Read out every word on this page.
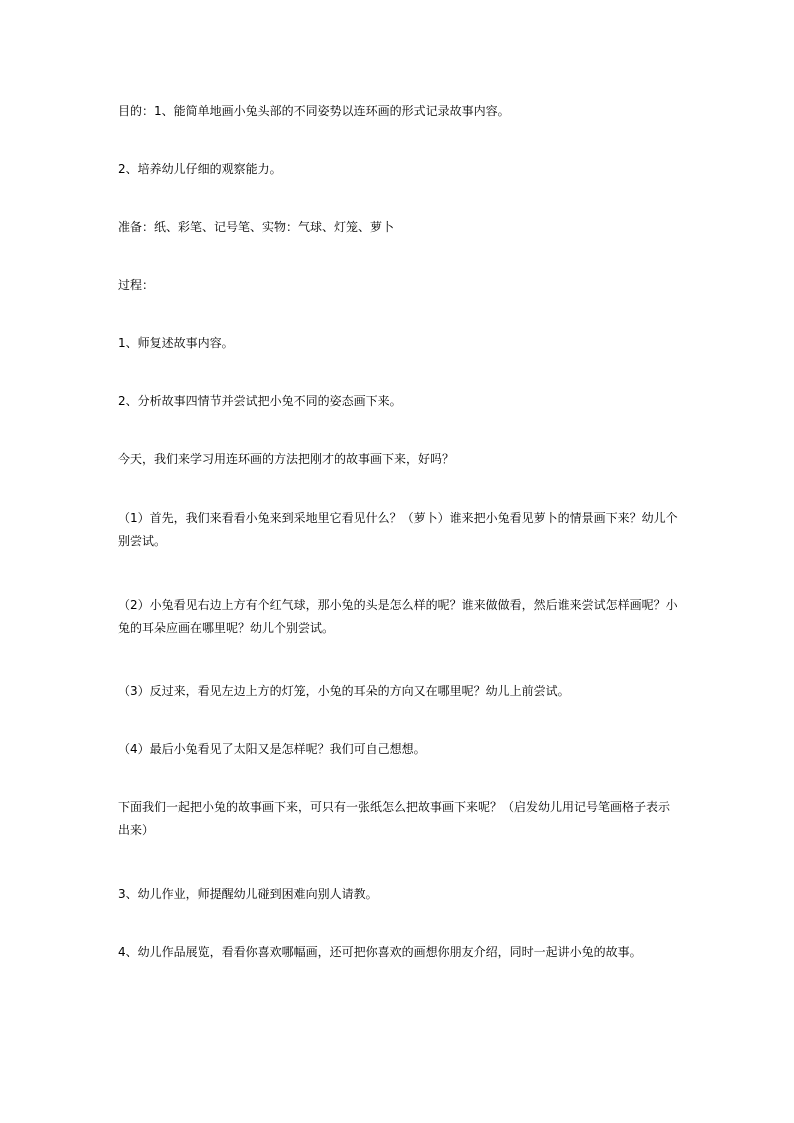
目的：1、能简单地画小兔头部的不同姿势以连环画的形式记录故事内容。

2、培养幼儿仔细的观察能力。

准备：纸、彩笔、记号笔、实物：气球、灯笼、萝卜

过程：

1、师复述故事内容。

2、分析故事四情节并尝试把小兔不同的姿态画下来。

今天，我们来学习用连环画的方法把刚才的故事画下来，好吗？

（1）首先，我们来看看小兔来到采地里它看见什么？（萝卜）谁来把小兔看见萝卜的情景画下来？幼儿个别尝试。

（2）小兔看见右边上方有个红气球，那小兔的头是怎么样的呢？谁来做做看，然后谁来尝试怎样画呢？小兔的耳朵应画在哪里呢？幼儿个别尝试。

（3）反过来，看见左边上方的灯笼，小兔的耳朵的方向又在哪里呢？幼儿上前尝试。

（4）最后小兔看见了太阳又是怎样呢？我们可自己想想。

下面我们一起把小兔的故事画下来，可只有一张纸怎么把故事画下来呢？（启发幼儿用记号笔画格子表示出来）

3、幼儿作业，师提醒幼儿碰到困难向别人请教。

4、幼儿作品展览，看看你喜欢哪幅画，还可把你喜欢的画想你朋友介绍，同时一起讲小兔的故事。
